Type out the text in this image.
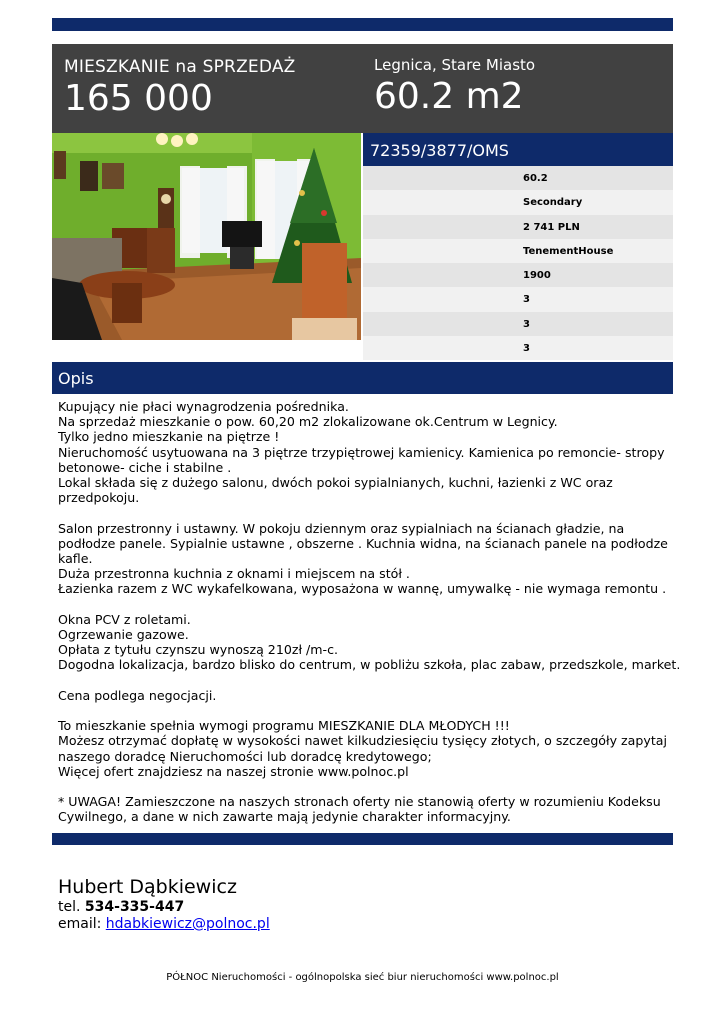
MIESZKANIE na SPRZEDAŻ
165 000
Legnica, Stare Miasto
60.2 m2
72359/3877/OMS
60.2
Secondary
2 741 PLN
TenementHouse
1900
3
3
3
Opis
Kupujący nie płaci wynagrodzenia pośrednika.
Na sprzedaż mieszkanie o pow. 60,20 m2 zlokalizowane ok.Centrum w Legnicy.
Tylko jedno mieszkanie na piętrze !
Nieruchomość usytuowana na 3 piętrze trzypiętrowej kamienicy. Kamienica po remoncie- stropy
betonowe- ciche i stabilne .
Lokal składa się z dużego salonu, dwóch pokoi sypialnianych, kuchni, łazienki z WC oraz
przedpokoju.
Salon przestronny i ustawny. W pokoju dziennym oraz sypialniach na ścianach gładzie, na
podłodze panele. Sypialnie ustawne , obszerne . Kuchnia widna, na ścianach panele na podłodze
kafle.
Duża przestronna kuchnia z oknami i miejscem na stół .
Łazienka razem z WC wykafelkowana, wyposażona w wannę, umywalkę - nie wymaga remontu .
Okna PCV z roletami.
Ogrzewanie gazowe.
Opłata z tytułu czynszu wynoszą 210zł /m-c.
Dogodna lokalizacja, bardzo blisko do centrum, w pobliżu szkoła, plac zabaw, przedszkole, market.
Cena podlega negocjacji.
To mieszkanie spełnia wymogi programu MIESZKANIE DLA MŁODYCH !!!
Możesz otrzymać dopłatę w wysokości nawet kilkudziesięciu tysięcy złotych, o szczegóły zapytaj
naszego doradcę Nieruchomości lub doradcę kredytowego;
Więcej ofert znajdziesz na naszej stronie www.polnoc.pl
* UWAGA! Zamieszczone na naszych stronach oferty nie stanowią oferty w rozumieniu Kodeksu
Cywilnego, a dane w nich zawarte mają jedynie charakter informacyjny.
Hubert Dąbkiewicz
tel. 534-335-447
email: hdabkiewicz@polnoc.pl
PÓŁNOC Nieruchomości - ogólnopolska sieć biur nieruchomości www.polnoc.pl
